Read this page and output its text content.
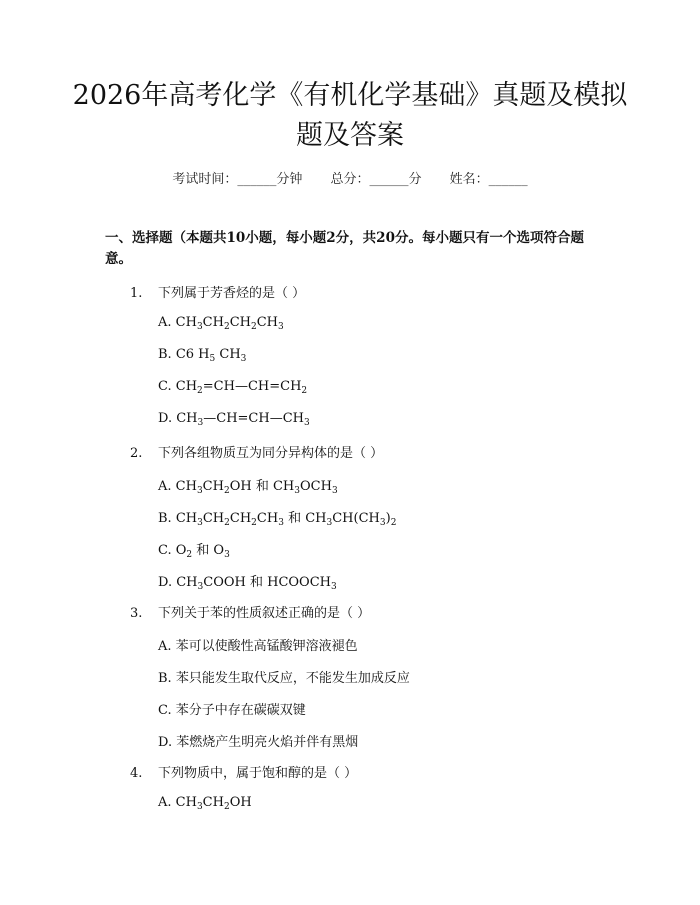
2026年高考化学《有机化学基础》真题及模拟题及答案
考试时间：______分钟 总分：______分 姓名：______
一、选择题（本题共10小题，每小题2分，共20分。每小题只有一个选项符合题意。
1. 下列属于芳香烃的是（ ）
A. $CH_3CH_2CH_2CH_3$
B. C6 $H_5$ $CH_3$
C. $CH_2=CH—CH=CH_2$
D. $CH_3—CH=CH—CH_3$
2. 下列各组物质互为同分异构体的是（ ）
A. $CH_3CH_2OH$ 和 $CH_3OCH_3$
B. $CH_3CH_2CH_2CH_3$ 和 $CH_3CH(CH_3)_2$
C. $O_2$ 和 $O_3$
D. $CH_3COOH$ 和 $HCOOCH_3$
3. 下列关于苯的性质叙述正确的是（ ）
A. 苯可以使酸性高锰酸钾溶液褪色
B. 苯只能发生取代反应，不能发生加成反应
C. 苯分子中存在碳碳双键
D. 苯燃烧产生明亮火焰并伴有黑烟
4. 下列物质中，属于饱和醇的是（ ）
A. $CH_3CH_2OH$
